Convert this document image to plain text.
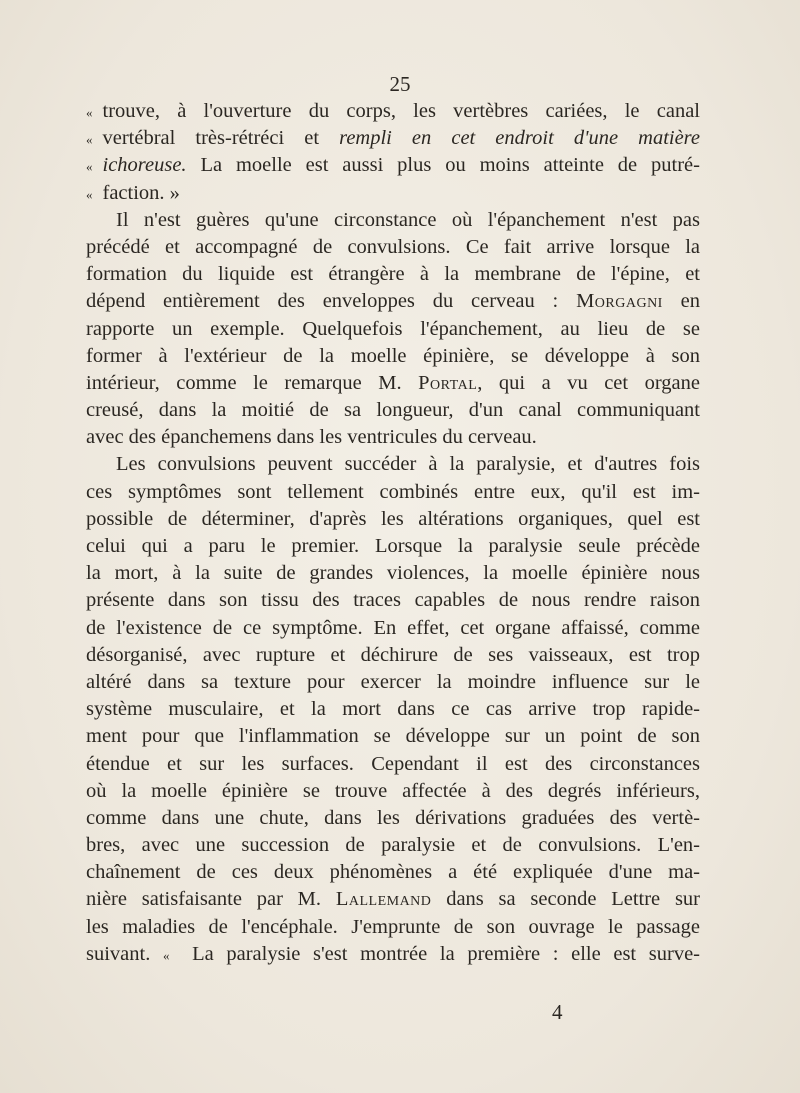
25
« trouve, à l'ouverture du corps, les vertèbres cariées, le canal
« vertébral très-rétréci et rempli en cet endroit d'une matière
« ichoreuse. La moelle est aussi plus ou moins atteinte de putré-
« faction. »
Il n'est guères qu'une circonstance où l'épanchement n'est pas
précédé et accompagné de convulsions. Ce fait arrive lorsque la
formation du liquide est étrangère à la membrane de l'épine, et
dépend entièrement des enveloppes du cerveau : Morgagni en
rapporte un exemple. Quelquefois l'épanchement, au lieu de se
former à l'extérieur de la moelle épinière, se développe à son
intérieur, comme le remarque M. Portal, qui a vu cet organe
creusé, dans la moitié de sa longueur, d'un canal communiquant
avec des épanchemens dans les ventricules du cerveau.
Les convulsions peuvent succéder à la paralysie, et d'autres fois
ces symptômes sont tellement combinés entre eux, qu'il est im-
possible de déterminer, d'après les altérations organiques, quel est
celui qui a paru le premier. Lorsque la paralysie seule précède
la mort, à la suite de grandes violences, la moelle épinière nous
présente dans son tissu des traces capables de nous rendre raison
de l'existence de ce symptôme. En effet, cet organe affaissé, comme
désorganisé, avec rupture et déchirure de ses vaisseaux, est trop
altéré dans sa texture pour exercer la moindre influence sur le
système musculaire, et la mort dans ce cas arrive trop rapide-
ment pour que l'inflammation se développe sur un point de son
étendue et sur les surfaces. Cependant il est des circonstances
où la moelle épinière se trouve affectée à des degrés inférieurs,
comme dans une chute, dans les dérivations graduées des vertè-
bres, avec une succession de paralysie et de convulsions. L'en-
chaînement de ces deux phénomènes a été expliquée d'une ma-
nière satisfaisante par M. Lallemand dans sa seconde Lettre sur
les maladies de l'encéphale. J'emprunte de son ouvrage le passage
suivant. « La paralysie s'est montrée la première : elle est surve-
4
